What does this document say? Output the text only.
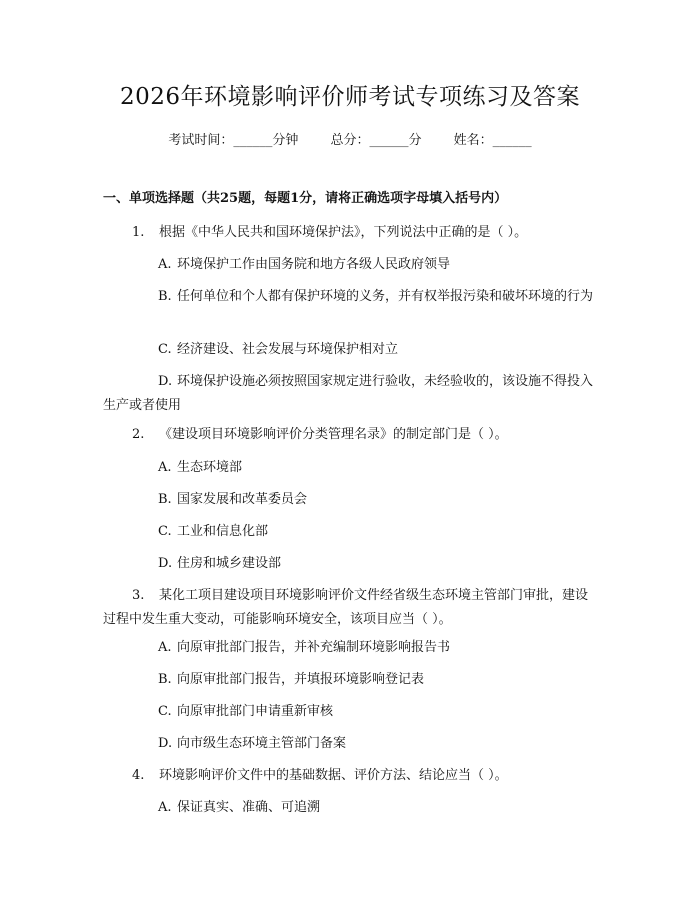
2026年环境影响评价师考试专项练习及答案
考试时间：______分钟 总分：______分 姓名：______
一、单项选择题（共25题，每题1分，请将正确选项字母填入括号内）
1. 根据《中华人民共和国环境保护法》，下列说法中正确的是（ ）。
A. 环境保护工作由国务院和地方各级人民政府领导
B. 任何单位和个人都有保护环境的义务，并有权举报污染和破坏环境的行为
C. 经济建设、社会发展与环境保护相对立
D. 环境保护设施必须按照国家规定进行验收，未经验收的，该设施不得投入生产或者使用
2. 《建设项目环境影响评价分类管理名录》的制定部门是（ ）。
A. 生态环境部
B. 国家发展和改革委员会
C. 工业和信息化部
D. 住房和城乡建设部
3. 某化工项目建设项目环境影响评价文件经省级生态环境主管部门审批，建设过程中发生重大变动，可能影响环境安全，该项目应当（ ）。
A. 向原审批部门报告，并补充编制环境影响报告书
B. 向原审批部门报告，并填报环境影响登记表
C. 向原审批部门申请重新审核
D. 向市级生态环境主管部门备案
4. 环境影响评价文件中的基础数据、评价方法、结论应当（ ）。
A. 保证真实、准确、可追溯
